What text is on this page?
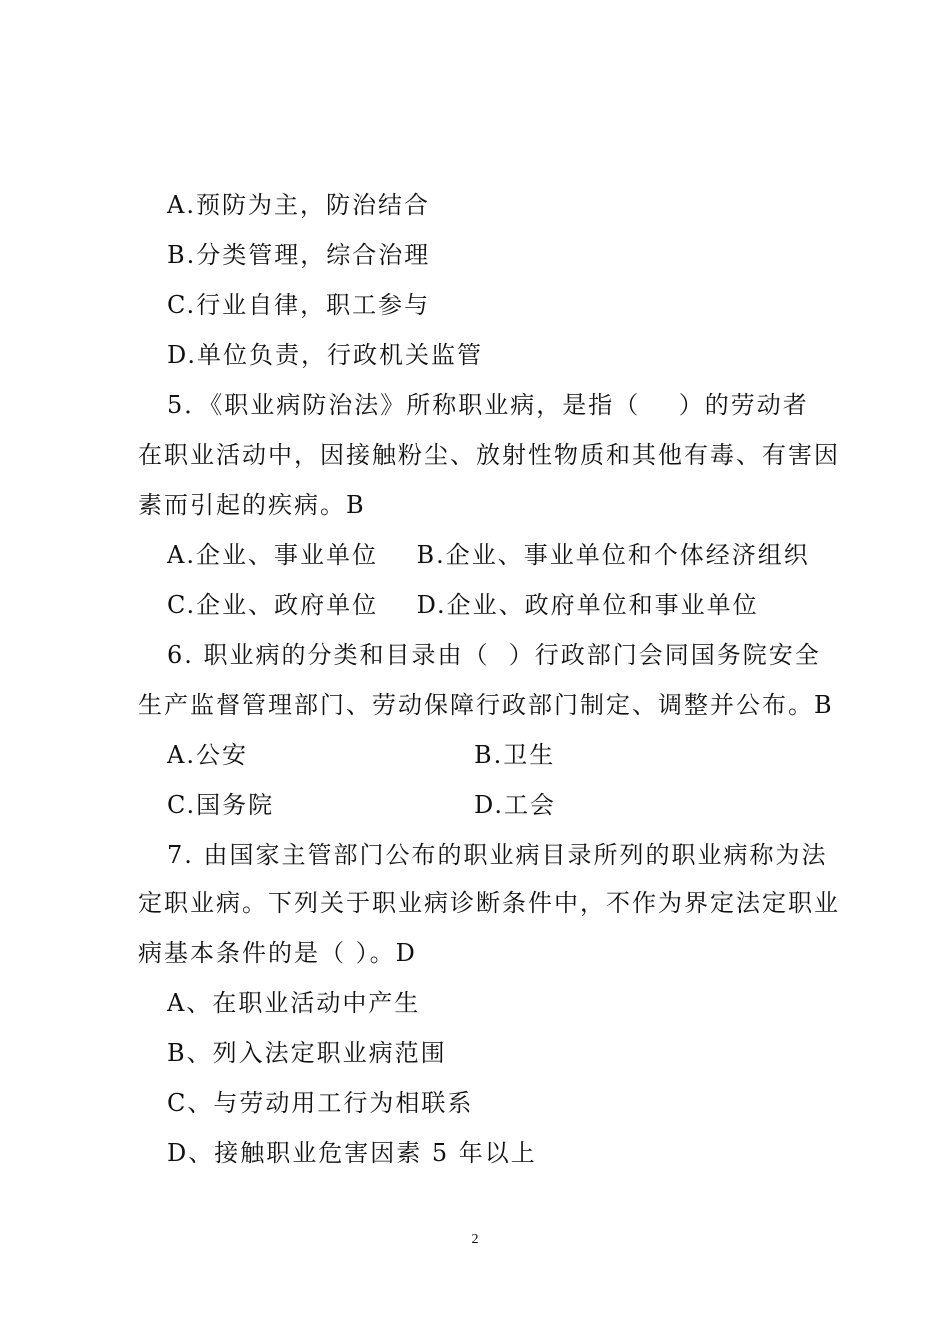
A.预防为主，防治结合
B.分类管理，综合治理
C.行业自律，职工参与
D.单位负责，行政机关监管
5．《职业病防治法》所称职业病，是指（    ）的劳动者
在职业活动中，因接触粉尘、放射性物质和其他有毒、有害因
素而引起的疾病。B
A.企业、事业单位    B.企业、事业单位和个体经济组织
C.企业、政府单位    D.企业、政府单位和事业单位
6. 职业病的分类和目录由（  ）行政部门会同国务院安全
生产监督管理部门、劳动保障行政部门制定、调整并公布。B
A.公安	B.卫生
C.国务院	D.工会
7. 由国家主管部门公布的职业病目录所列的职业病称为法
定职业病。下列关于职业病诊断条件中，不作为界定法定职业
病基本条件的是（ ）。D
A、在职业活动中产生
B、列入法定职业病范围
C、与劳动用工行为相联系
D、接触职业危害因素 5 年以上
2
